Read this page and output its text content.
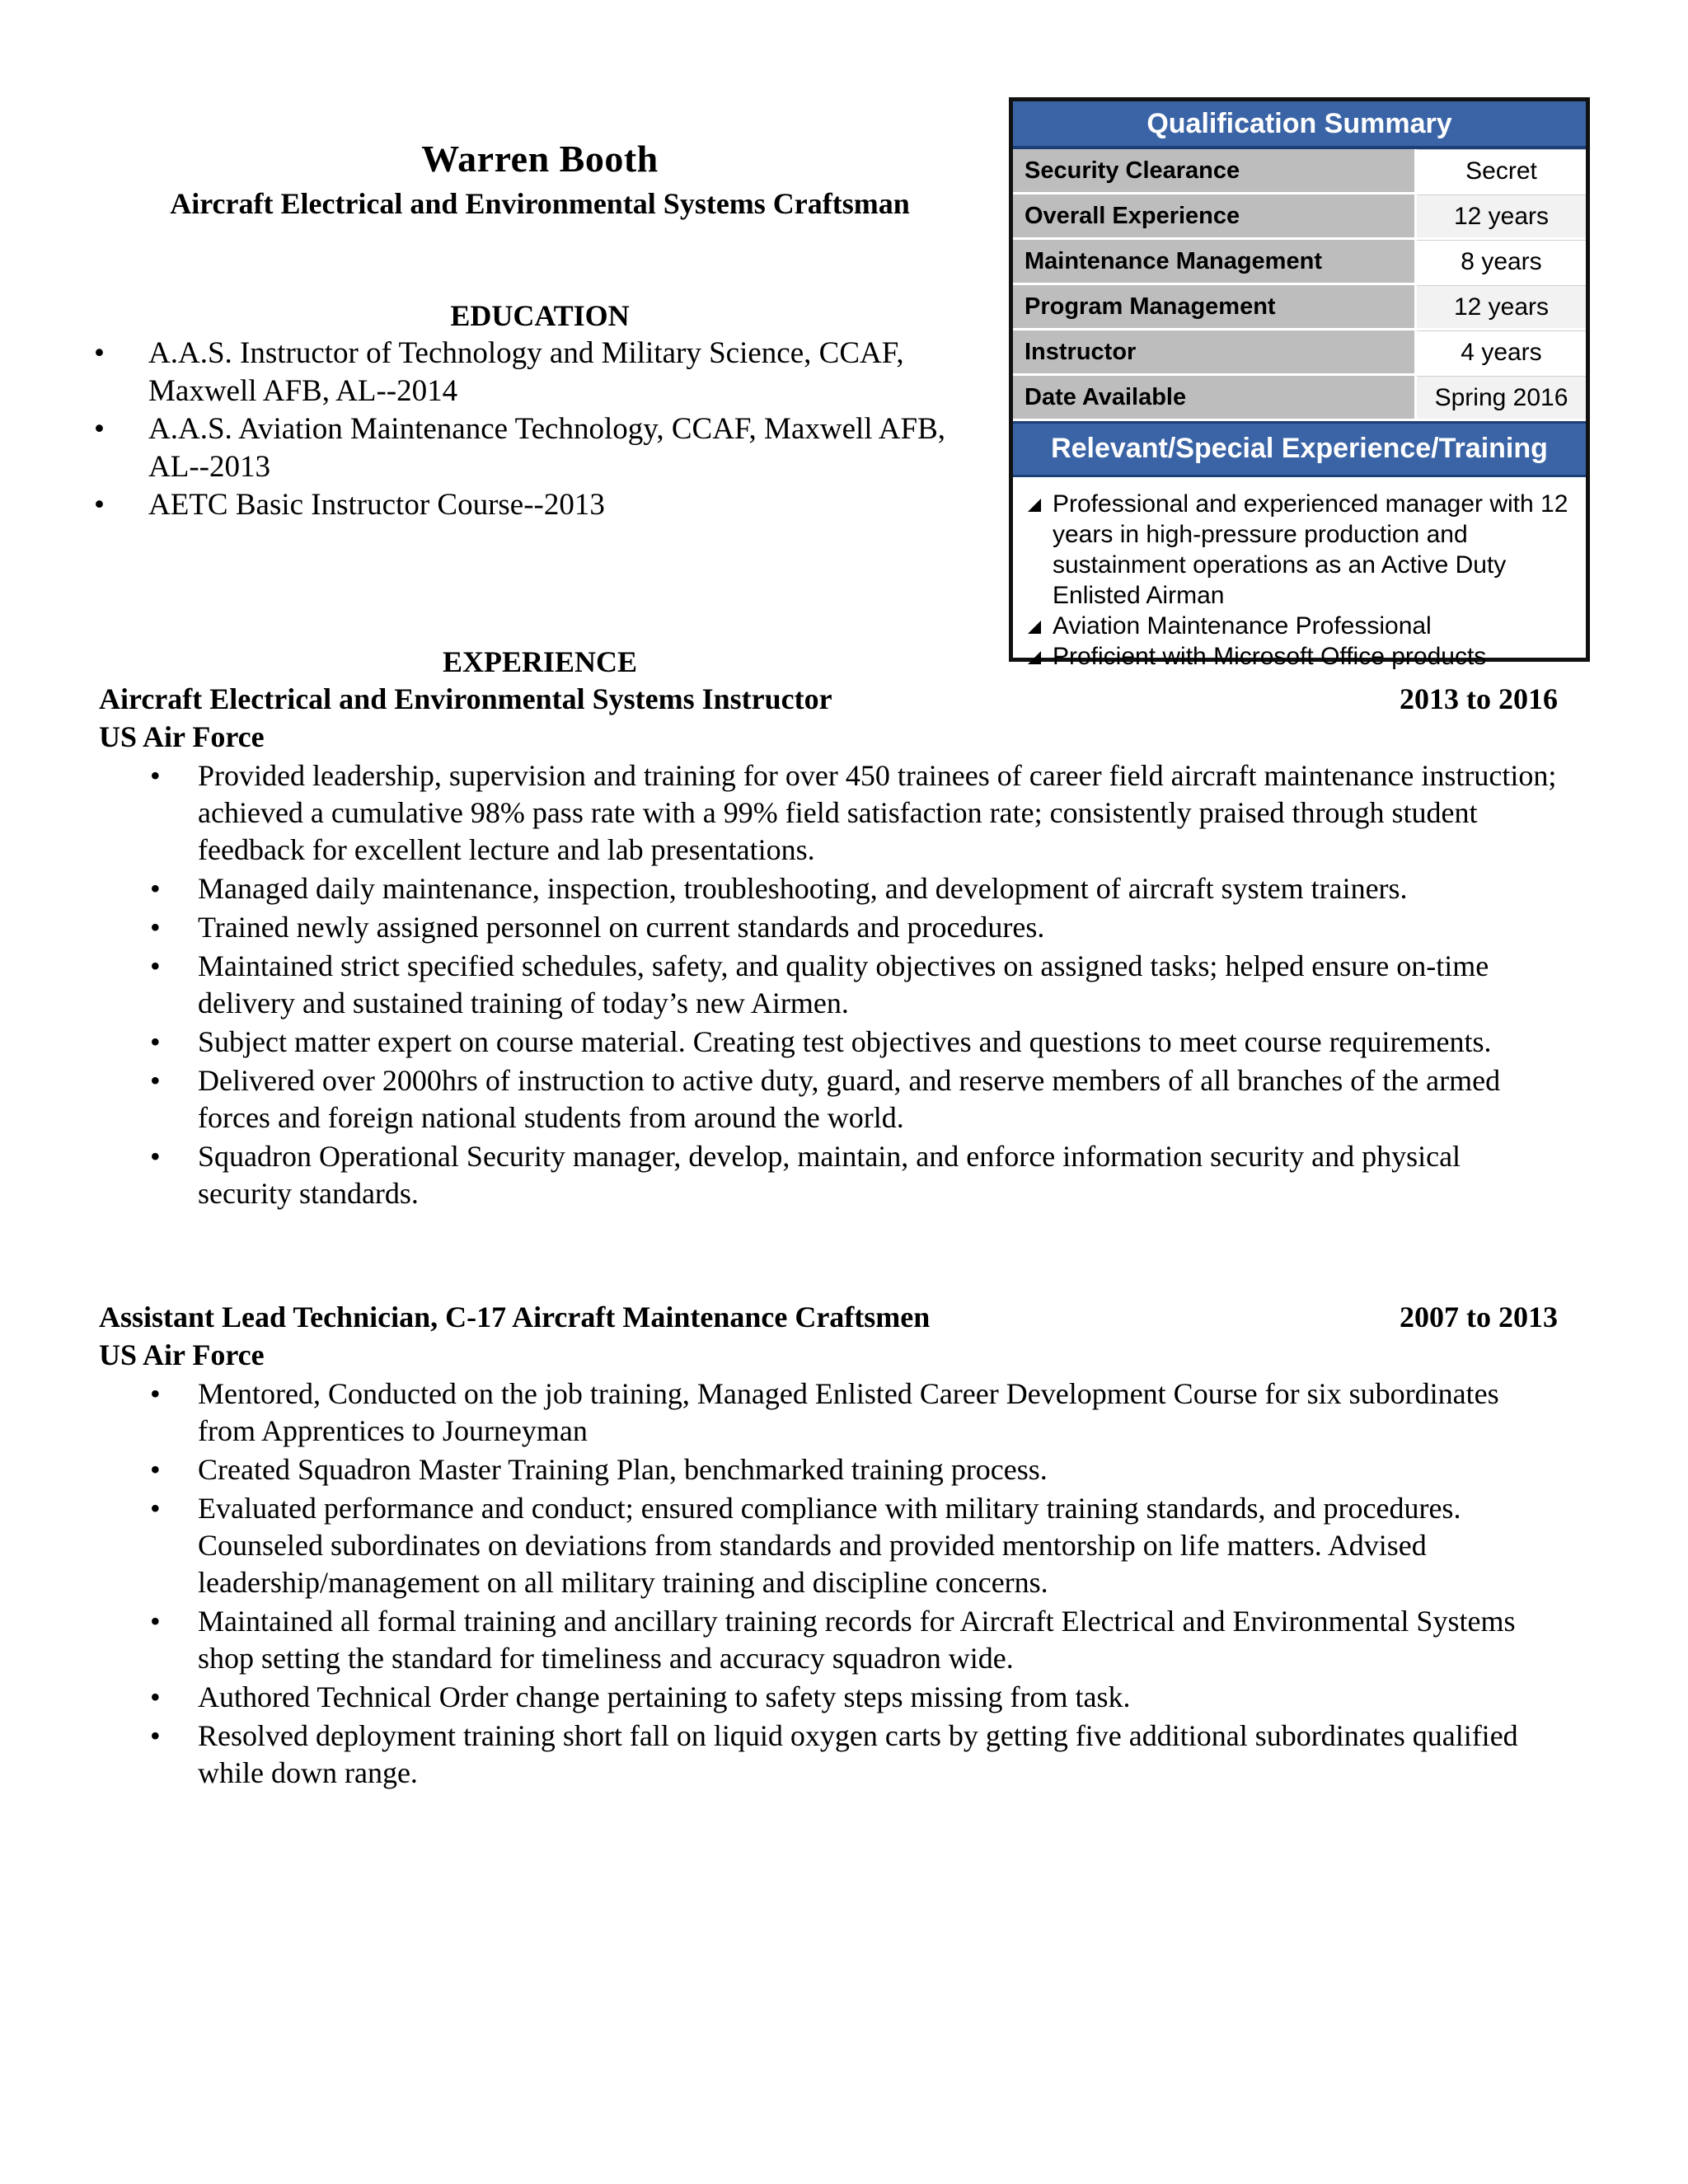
Warren Booth
Aircraft Electrical and Environmental Systems Craftsman
EDUCATION
• A.A.S. Instructor of Technology and Military Science, CCAF, Maxwell AFB, AL--2014
• A.A.S. Aviation Maintenance Technology, CCAF, Maxwell AFB, AL--2013
• AETC Basic Instructor Course--2013
Qualification Summary
Security Clearance	Secret
Overall Experience	12 years
Maintenance Management	8 years
Program Management	12 years
Instructor	4 years
Date Available	Spring 2016
Relevant/Special Experience/Training
Professional and experienced manager with 12 years in high-pressure production and sustainment operations as an Active Duty Enlisted Airman
Aviation Maintenance Professional
Proficient with Microsoft Office products
EXPERIENCE
Aircraft Electrical and Environmental Systems Instructor	2013 to 2016
US Air Force
• Provided leadership, supervision and training for over 450 trainees of career field aircraft maintenance instruction; achieved a cumulative 98% pass rate with a 99% field satisfaction rate; consistently praised through student feedback for excellent lecture and lab presentations.
• Managed daily maintenance, inspection, troubleshooting, and development of aircraft system trainers.
• Trained newly assigned personnel on current standards and procedures.
• Maintained strict specified schedules, safety, and quality objectives on assigned tasks; helped ensure on-time delivery and sustained training of today’s new Airmen.
• Subject matter expert on course material. Creating test objectives and questions to meet course requirements.
• Delivered over 2000hrs of instruction to active duty, guard, and reserve members of all branches of the armed forces and foreign national students from around the world.
• Squadron Operational Security manager, develop, maintain, and enforce information security and physical security standards.
Assistant Lead Technician, C-17 Aircraft Maintenance Craftsmen	2007 to 2013
US Air Force
• Mentored, Conducted on the job training, Managed Enlisted Career Development Course for six subordinates from Apprentices to Journeyman
• Created Squadron Master Training Plan, benchmarked training process.
• Evaluated performance and conduct; ensured compliance with military training standards, and procedures. Counseled subordinates on deviations from standards and provided mentorship on life matters. Advised leadership/management on all military training and discipline concerns.
• Maintained all formal training and ancillary training records for Aircraft Electrical and Environmental Systems shop setting the standard for timeliness and accuracy squadron wide.
• Authored Technical Order change pertaining to safety steps missing from task.
• Resolved deployment training short fall on liquid oxygen carts by getting five additional subordinates qualified while down range.
